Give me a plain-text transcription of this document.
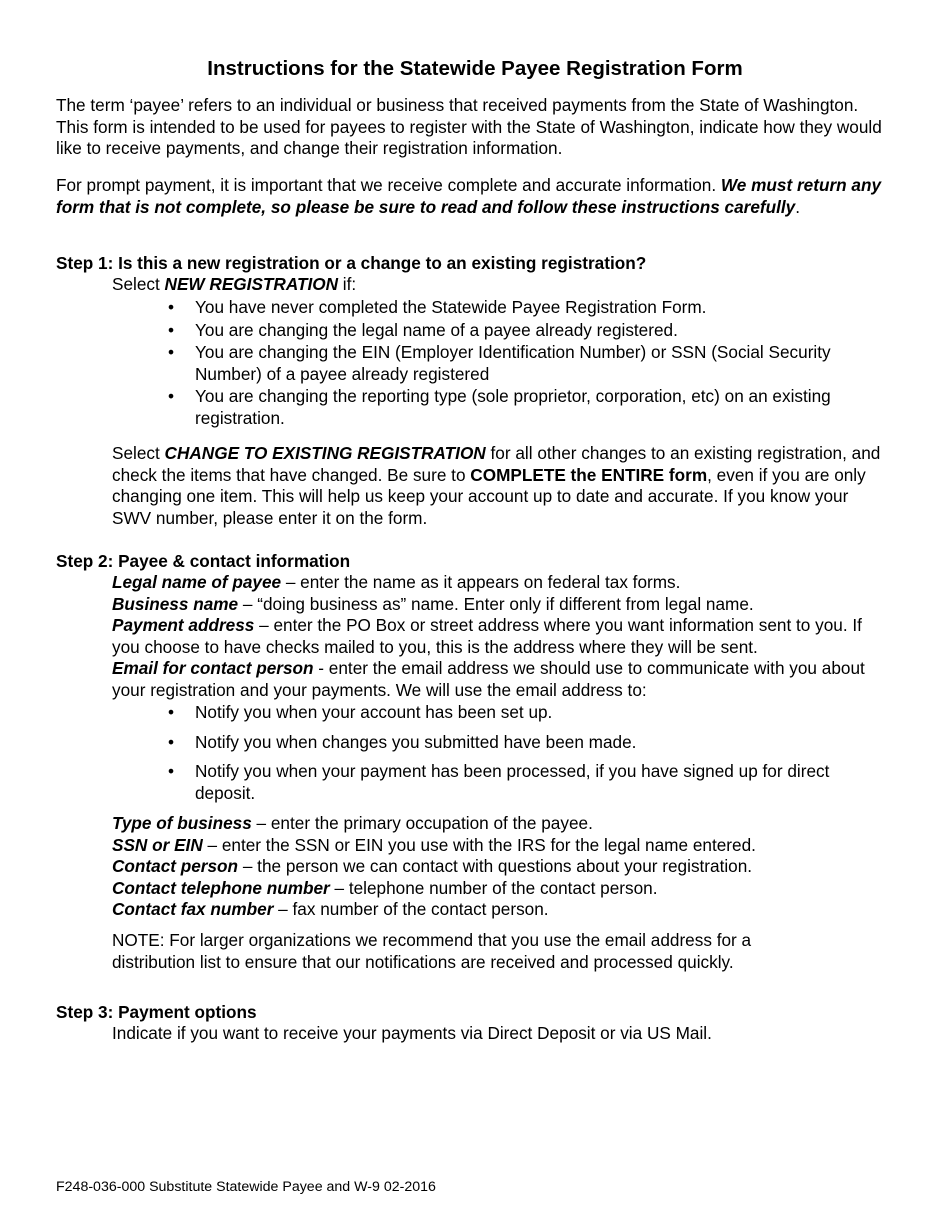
Instructions for the Statewide Payee Registration Form

The term ‘payee’ refers to an individual or business that received payments from the State of Washington. This form is intended to be used for payees to register with the State of Washington, indicate how they would like to receive payments, and change their registration information.

For prompt payment, it is important that we receive complete and accurate information. We must return any form that is not complete, so please be sure to read and follow these instructions carefully.

Step 1: Is this a new registration or a change to an existing registration?

Select NEW REGISTRATION if:

• You have never completed the Statewide Payee Registration Form.
• You are changing the legal name of a payee already registered.
• You are changing the EIN (Employer Identification Number) or SSN (Social Security Number) of a payee already registered
• You are changing the reporting type (sole proprietor, corporation, etc) on an existing registration.

Select CHANGE TO EXISTING REGISTRATION for all other changes to an existing registration, and check the items that have changed. Be sure to COMPLETE the ENTIRE form, even if you are only changing one item. This will help us keep your account up to date and accurate. If you know your SWV number, please enter it on the form.

Step 2: Payee & contact information

Legal name of payee – enter the name as it appears on federal tax forms.

Business name – “doing business as” name. Enter only if different from legal name.

Payment address – enter the PO Box or street address where you want information sent to you. If you choose to have checks mailed to you, this is the address where they will be sent.

Email for contact person - enter the email address we should use to communicate with you about your registration and your payments. We will use the email address to:

• Notify you when your account has been set up.
• Notify you when changes you submitted have been made.
• Notify you when your payment has been processed, if you have signed up for direct deposit.

Type of business – enter the primary occupation of the payee.

SSN or EIN – enter the SSN or EIN you use with the IRS for the legal name entered.

Contact person – the person we can contact with questions about your registration.

Contact telephone number – telephone number of the contact person.

Contact fax number – fax number of the contact person.

NOTE: For larger organizations we recommend that you use the email address for a distribution list to ensure that our notifications are received and processed quickly.

Step 3: Payment options

Indicate if you want to receive your payments via Direct Deposit or via US Mail.

F248-036-000 Substitute Statewide Payee and W-9 02-2016
